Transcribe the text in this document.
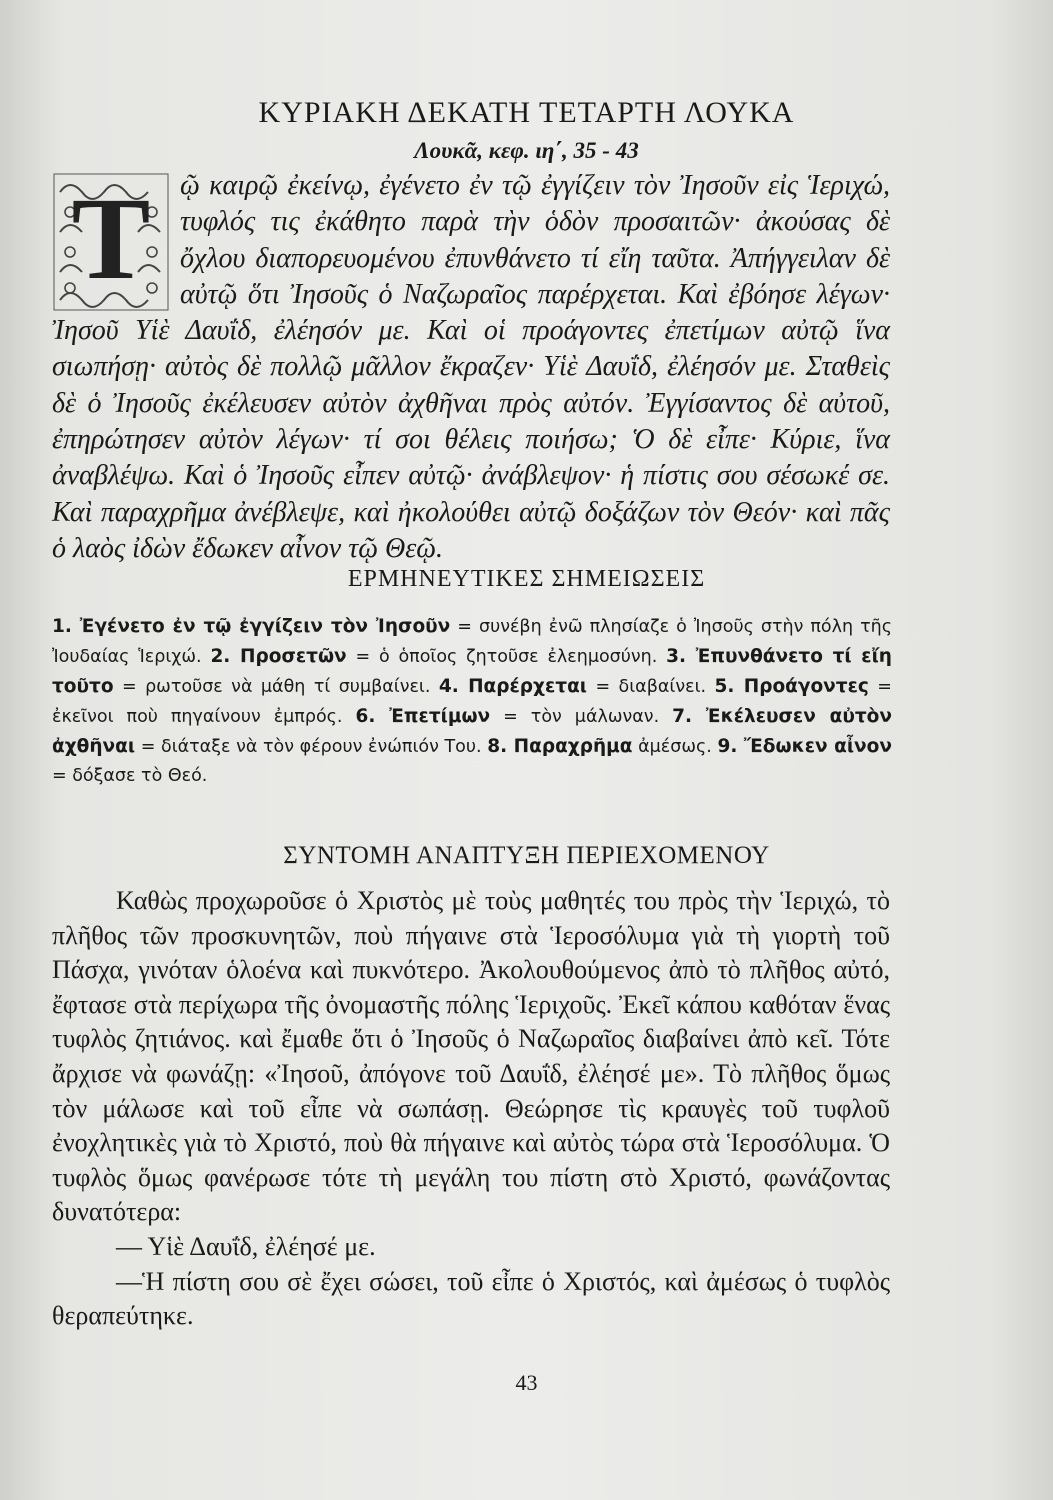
ΚΥΡΙΑΚΗ ΔΕΚΑΤΗ ΤΕΤΑΡΤΗ ΛΟΥΚΑ
Λουκᾶ, κεφ. ιη΄, 35 - 43
Τ	ῷ καιρῷ ἐκείνῳ, ἐγένετο ἐν τῷ ἐγγίζειν τὸν Ἰησοῦν εἰς Ἱεριχώ, τυφλός τις ἐκάθητο παρὰ τὴν ὁδὸν προσαιτῶν· ἀκούσας δὲ ὄχλου διαπορευομένου ἐπυνθάνετο τί εἴη ταῦτα. Ἀπήγγειλαν δὲ αὐτῷ ὅτι Ἰησοῦς ὁ Ναζωραῖος παρέρχεται. Καὶ ἐβόησε λέγων· Ἰησοῦ Υἱὲ Δαυΐδ, ἐλέησόν με. Καὶ οἱ προάγοντες ἐπετίμων αὐτῷ ἵνα σιωπήσῃ· αὐτὸς δὲ πολλῷ μᾶλλον ἔκραζεν· Υἱὲ Δαυΐδ, ἐλέησόν με. Σταθεὶς δὲ ὁ Ἰησοῦς ἐκέλευσεν αὐτὸν ἀχθῆναι πρὸς αὐτόν. Ἐγγίσαντος δὲ αὐτοῦ, ἐπηρώτησεν αὐτὸν λέγων· τί σοι θέλεις ποιήσω; Ὁ δὲ εἶπε· Κύριε, ἵνα ἀναβλέψω. Καὶ ὁ Ἰησοῦς εἶπεν αὐτῷ· ἀνάβλεψον· ἡ πίστις σου σέσωκέ σε. Καὶ παραχρῆμα ἀνέβλεψε, καὶ ἠκολούθει αὐτῷ δοξάζων τὸν Θεόν· καὶ πᾶς ὁ λαὸς ἰδὼν ἔδωκεν αἶνον τῷ Θεῷ.

ΕΡΜΗΝΕΥΤΙΚΕΣ ΣΗΜΕΙΩΣΕΙΣ
1. Ἐγένετο ἐν τῷ ἐγγίζειν τὸν Ἰησοῦν = συνέβη ἐνῶ πλησίαζε ὁ Ἰησοῦς στὴν πόλη τῆς Ἰουδαίας Ἱεριχώ. 2. Προσετῶν = ὁ ὁποῖος ζητοῦσε ἐλεημοσύνη. 3. Ἐπυνθάνετο τί εἴη τοῦτο = ρωτοῦσε νὰ μάθη τί συμβαίνει. 4. Παρέρχεται = διαβαίνει. 5. Προάγοντες = ἐκεῖνοι ποὺ πηγαίνουν ἐμπρός. 6. Ἐπετίμων = τὸν μάλωναν. 7. Ἐκέλευσεν αὐτὸν ἀχθῆναι = διάταξε νὰ τὸν φέρουν ἐνώπιόν Του. 8. Παραχρῆμα ἀμέσως. 9. Ἔδωκεν αἶνον = δόξασε τὸ Θεό.
ΣΥΝΤΟΜΗ ΑΝΑΠΤΥΞΗ ΠΕΡΙΕΧΟΜΕΝΟΥ

Καθὼς προχωροῦσε ὁ Χριστὸς μὲ τοὺς μαθητές του πρὸς τὴν Ἱεριχώ, τὸ πλῆθος τῶν προσκυνητῶν, ποὺ πήγαινε στὰ Ἱεροσόλυμα γιὰ τὴ γιορτὴ τοῦ Πάσχα, γινόταν ὁλοένα καὶ πυκνότερο. Ἀκολουθούμενος ἀπὸ τὸ πλῆθος αὐτό, ἔφτασε στὰ περίχωρα τῆς ὀνομαστῆς πόλης Ἱεριχοῦς. Ἐκεῖ κάπου καθόταν ἕνας τυφλὸς ζητιάνος. καὶ ἔμαθε ὅτι ὁ Ἰησοῦς ὁ Ναζωραῖος διαβαίνει ἀπὸ κεῖ. Τότε ἄρχισε νὰ φωνάζῃ: «Ἰησοῦ, ἀπόγονε τοῦ Δαυΐδ, ἐλέησέ με». Τὸ πλῆθος ὅμως τὸν μάλωσε καὶ τοῦ εἶπε νὰ σωπάσῃ. Θεώρησε τὶς κραυγὲς τοῦ τυφλοῦ ἐνοχλητικὲς γιὰ τὸ Χριστό, ποὺ θὰ πήγαινε καὶ αὐτὸς τώρα στὰ Ἱεροσόλυμα. Ὁ τυφλὸς ὅμως φανέρωσε τότε τὴ μεγάλη του πίστη στὸ Χριστό, φωνάζοντας δυνατότερα:

— Υἱὲ Δαυΐδ, ἐλέησέ με.

—Ἡ πίστη σου σὲ ἔχει σώσει, τοῦ εἶπε ὁ Χριστός, καὶ ἀμέσως ὁ τυφλὸς θεραπεύτηκε.

43
